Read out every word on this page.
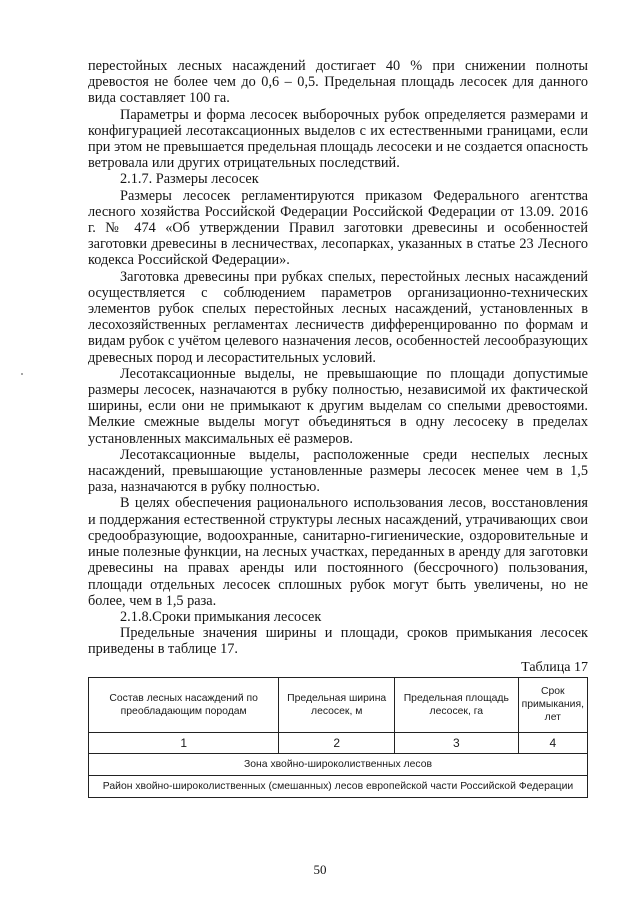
перестойных лесных насаждений достигает 40 % при снижении полноты древостоя не более чем до 0,6 – 0,5. Предельная площадь лесосек для данного вида составляет 100 га.

Параметры и форма лесосек выборочных рубок определяется размерами и конфигурацией лесотаксационных выделов с их естественными границами, если при этом не превышается предельная площадь лесосеки и не создается опасность ветровала или других отрицательных последствий.

2.1.7. Размеры лесосек

Размеры лесосек регламентируются приказом Федерального агентства лесного хозяйства Российской Федерации Российской Федерации от 13.09. 2016 г. № 474 «Об утверждении Правил заготовки древесины и особенностей заготовки древесины в лесничествах, лесопарках, указанных в статье 23 Лесного кодекса Российской Федерации».

Заготовка древесины при рубках спелых, перестойных лесных насаждений осуществляется с соблюдением параметров организационно-технических элементов рубок спелых перестойных лесных насаждений, установленных в лесохозяйственных регламентах лесничеств дифференцированно по формам и видам рубок с учётом целевого назначения лесов, особенностей лесообразующих древесных пород и лесорастительных условий.

Лесотаксационные выделы, не превышающие по площади допустимые размеры лесосек, назначаются в рубку полностью, независимой их фактической ширины, если они не примыкают к другим выделам со спелыми древостоями. Мелкие смежные выделы могут объединяться в одну лесосеку в пределах установленных максимальных её размеров.

Лесотаксационные выделы, расположенные среди неспелых лесных насаждений, превышающие установленные размеры лесосек менее чем в 1,5 раза, назначаются в рубку полностью.

В целях обеспечения рационального использования лесов, восстановления и поддержания естественной структуры лесных насаждений, утрачивающих свои средообразующие, водоохранные, санитарно-гигиенические, оздоровительные и иные полезные функции, на лесных участках, переданных в аренду для заготовки древесины на правах аренды или постоянного (бессрочного) пользования, площади отдельных лесосек сплошных рубок могут быть увеличены, но не более, чем в 1,5 раза.

2.1.8.Сроки примыкания лесосек

Предельные значения ширины и площади, сроков примыкания лесосек приведены в таблице 17.

Таблица 17
Состав лесных насаждений по преобладающим породам	Предельная ширина лесосек, м	Предельная площадь лесосек, га	Срок примыкания, лет
1	2	3	4
Зона хвойно-широколиственных лесов			
Район хвойно-широколиственных (смешанных) лесов европейской части Российской Федерации			
50
